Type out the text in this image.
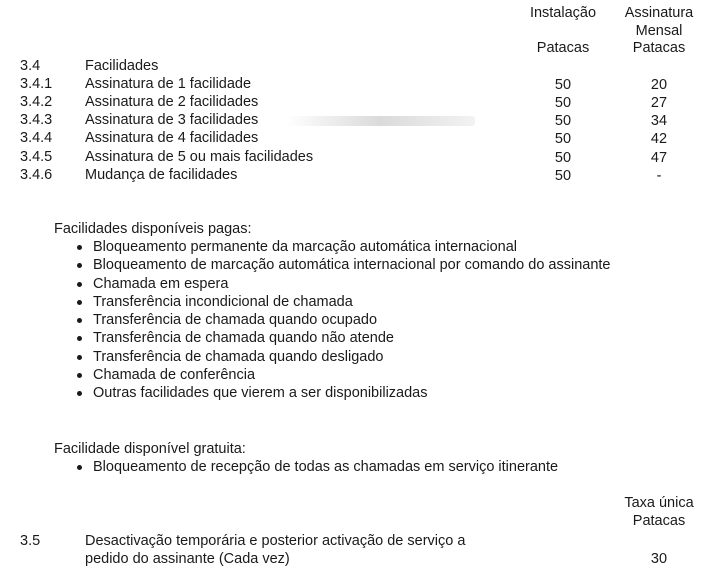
Instalação
Patacas
Assinatura
Mensal
Patacas
3.4	Facilidades
3.4.1 Assinatura de 1 facilidade	50	20
3.4.2 Assinatura de 2 facilidades	50	27
3.4.3 Assinatura de 3 facilidades	50	34
3.4.4 Assinatura de 4 facilidades	50	42
3.4.5 Assinatura de 5 ou mais facilidades	50	47
3.4.6 Mudança de facilidades	50	-
Facilidades disponíveis pagas:
Bloqueamento permanente da marcação automática internacional
Bloqueamento de marcação automática internacional por comando do assinante
Chamada em espera
Transferência incondicional de chamada
Transferência de chamada quando ocupado
Transferência de chamada quando não atende
Transferência de chamada quando desligado
Chamada de conferência
Outras facilidades que vierem a ser disponibilizadas
Facilidade disponível gratuita:
Bloqueamento de recepção de todas as chamadas em serviço itinerante
Taxa única
Patacas
3.5	Desactivação temporária e posterior activação de serviço a
pedido do assinante (Cada vez)	30
